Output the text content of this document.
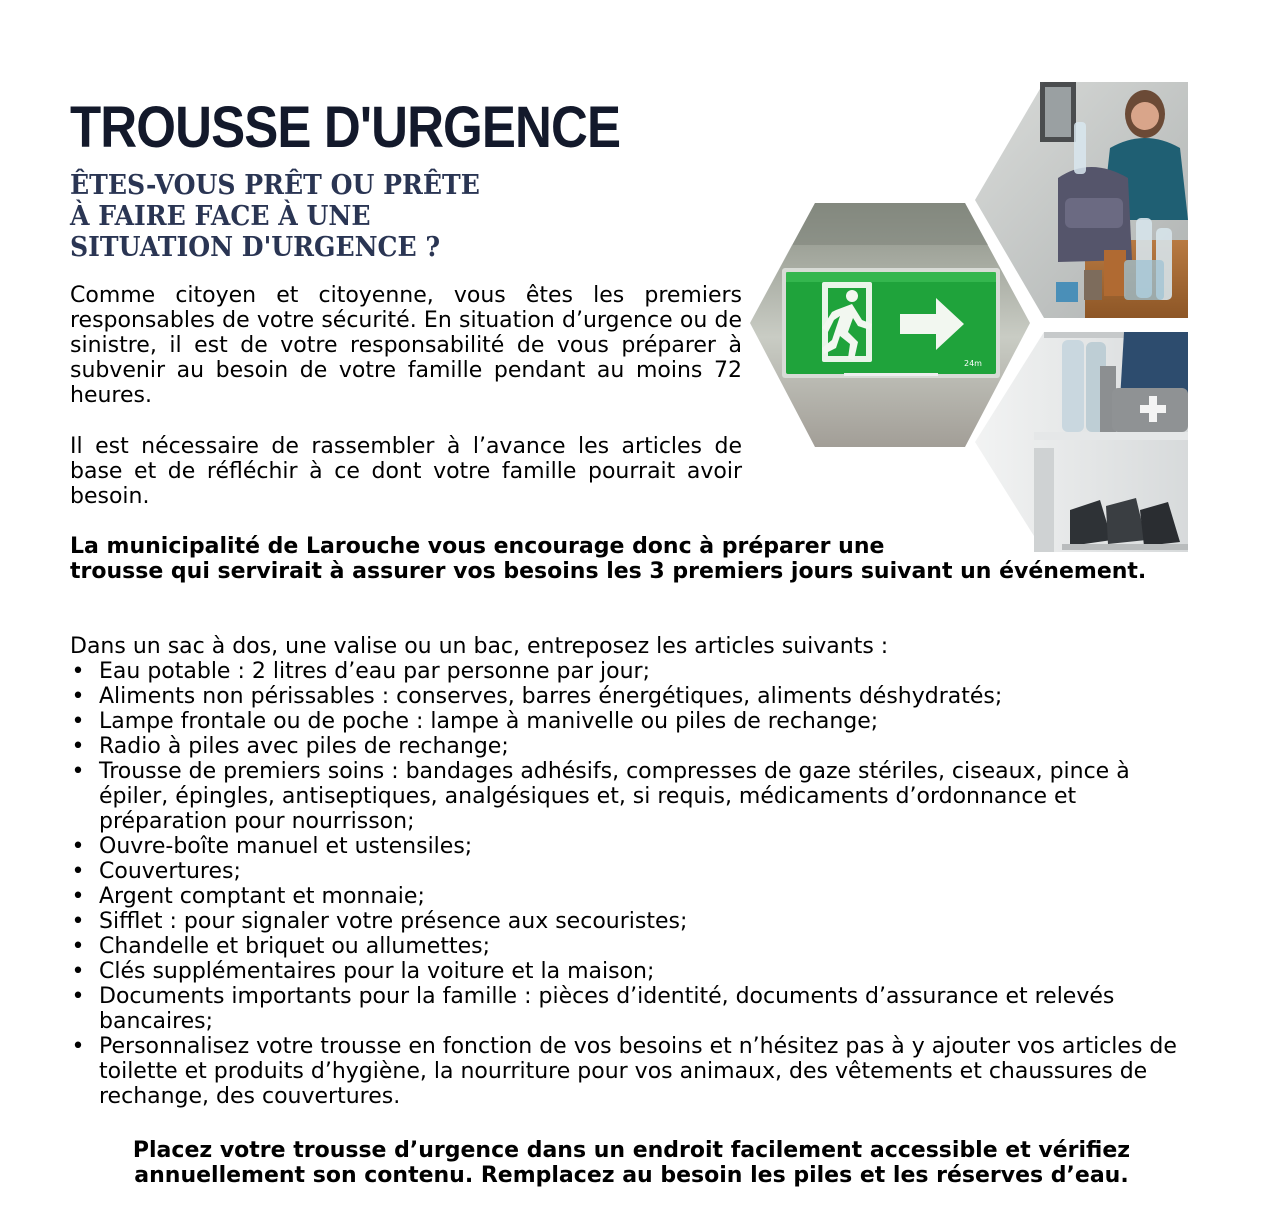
TROUSSE D'URGENCE
ÊTES-VOUS PRÊT OU PRÊTE
À FAIRE FACE À UNE
SITUATION D'URGENCE ?

Comme citoyen et citoyenne, vous êtes les premiers responsables de votre sécurité. En situation d’urgence ou de sinistre, il est de votre responsabilité de vous préparer à subvenir au besoin de votre famille pendant au moins 72 heures.

Il est nécessaire de rassembler à l’avance les articles de base et de réfléchir à ce dont votre famille pourrait avoir besoin.

La municipalité de Larouche vous encourage donc à préparer une
trousse qui servirait à assurer vos besoins les 3 premiers jours suivant un événement.

Dans un sac à dos, une valise ou un bac, entreposez les articles suivants :

• Eau potable : 2 litres d’eau par personne par jour;
• Aliments non périssables : conserves, barres énergétiques, aliments déshydratés;
• Lampe frontale ou de poche : lampe à manivelle ou piles de rechange;
• Radio à piles avec piles de rechange;
• Trousse de premiers soins : bandages adhésifs, compresses de gaze stériles, ciseaux, pince à épiler, épingles, antiseptiques, analgésiques et, si requis, médicaments d’ordonnance et préparation pour nourrisson;
• Ouvre-boîte manuel et ustensiles;
• Couvertures;
• Argent comptant et monnaie;
• Sifflet : pour signaler votre présence aux secouristes;
• Chandelle et briquet ou allumettes;
• Clés supplémentaires pour la voiture et la maison;
• Documents importants pour la famille : pièces d’identité, documents d’assurance et relevés bancaires;
• Personnalisez votre trousse en fonction de vos besoins et n’hésitez pas à y ajouter vos articles de toilette et produits d’hygiène, la nourriture pour vos animaux, des vêtements et chaussures de rechange, des couvertures.

Placez votre trousse d’urgence dans un endroit facilement accessible et vérifiez annuellement son contenu. Remplacez au besoin les piles et les réserves d’eau.

24m
